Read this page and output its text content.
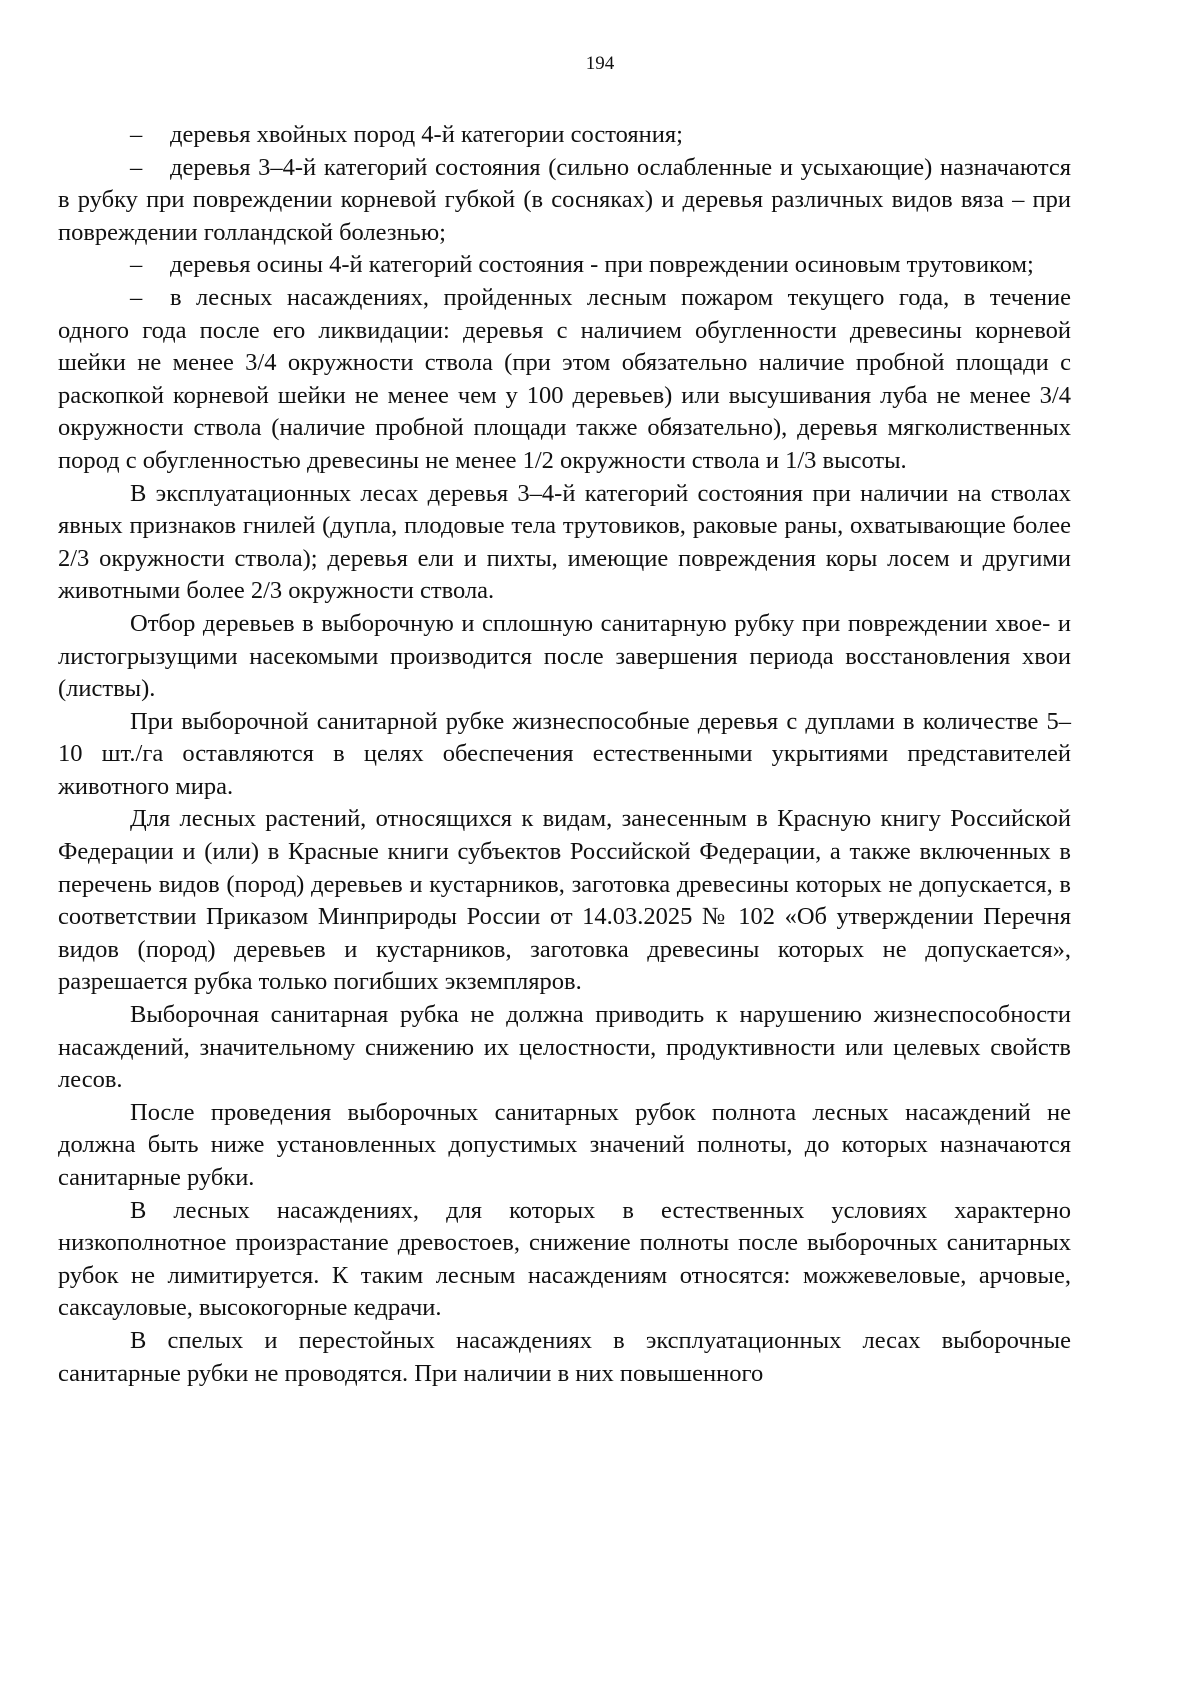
194

– деревья хвойных пород 4-й категории состояния;

– деревья 3–4-й категорий состояния (сильно ослабленные и усыхающие) назначаются в рубку при повреждении корневой губкой (в сосняках) и деревья различных видов вяза – при повреждении голландской болезнью;

– деревья осины 4-й категорий состояния - при повреждении осиновым трутовиком;

– в лесных насаждениях, пройденных лесным пожаром текущего года, в течение одного года после его ликвидации: деревья с наличием обугленности древесины корневой шейки не менее 3/4 окружности ствола (при этом обязательно наличие пробной площади с раскопкой корневой шейки не менее чем у 100 деревьев) или высушивания луба не менее 3/4 окружности ствола (наличие пробной площади также обязательно), деревья мягколиственных пород с обугленностью древесины не менее 1/2 окружности ствола и 1/3 высоты.

В эксплуатационных лесах деревья 3–4-й категорий состояния при наличии на стволах явных признаков гнилей (дупла, плодовые тела трутовиков, раковые раны, охватывающие более 2/3 окружности ствола); деревья ели и пихты, имеющие повреждения коры лосем и другими животными более 2/3 окружности ствола.

Отбор деревьев в выборочную и сплошную санитарную рубку при повреждении хвое- и листогрызущими насекомыми производится после завершения периода восстановления хвои (листвы).

При выборочной санитарной рубке жизнеспособные деревья с дуплами в количестве 5–10 шт./га оставляются в целях обеспечения естественными укрытиями представителей животного мира.

Для лесных растений, относящихся к видам, занесенным в Красную книгу Российской Федерации и (или) в Красные книги субъектов Российской Федерации, а также включенных в перечень видов (пород) деревьев и кустарников, заготовка древесины которых не допускается, в соответствии Приказом Минприроды России от 14.03.2025 № 102 «Об утверждении Перечня видов (пород) деревьев и кустарников, заготовка древесины которых не допускается», разрешается рубка только погибших экземпляров.

Выборочная санитарная рубка не должна приводить к нарушению жизнеспособности насаждений, значительному снижению их целостности, продуктивности или целевых свойств лесов.

После проведения выборочных санитарных рубок полнота лесных насаждений не должна быть ниже установленных допустимых значений полноты, до которых назначаются санитарные рубки.

В лесных насаждениях, для которых в естественных условиях характерно низкополнотное произрастание древостоев, снижение полноты после выборочных санитарных рубок не лимитируется. К таким лесным насаждениям относятся: можжевеловые, арчовые, саксауловые, высокогорные кедрачи.

В спелых и перестойных насаждениях в эксплуатационных лесах выборочные санитарные рубки не проводятся. При наличии в них повышенного
